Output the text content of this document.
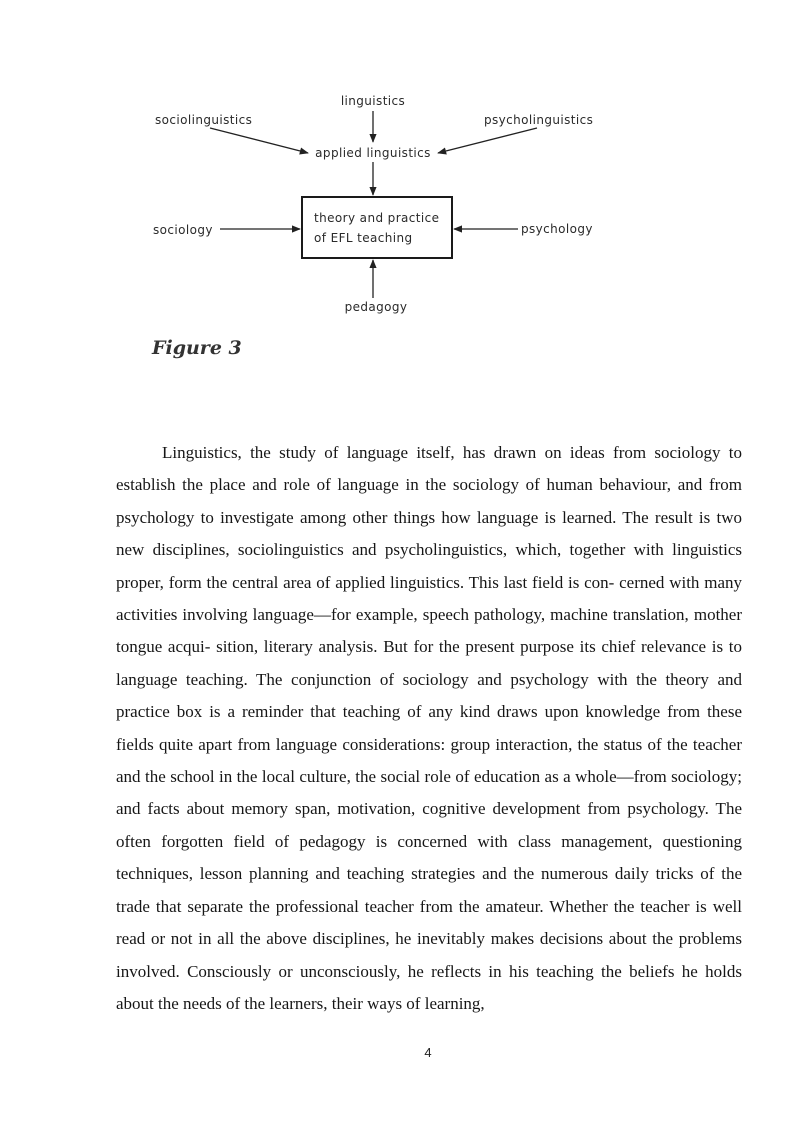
linguistics
sociolinguistics	psycholinguistics
applied linguistics
sociology	psychology
pedagogy
theory and practice
of EFL teaching
Figure 3

Linguistics, the study of language itself, has drawn on ideas from sociology to establish the place and role of language in the sociology of human behaviour, and from psychology to investigate among other things how language is learned. The result is two new disciplines, sociolinguistics and psycholinguistics, which, together with linguistics proper, form the central area of applied linguistics. This last field is con- cerned with many activities involving language—for example, speech pathology, machine translation, mother tongue acqui- sition, literary analysis. But for the present purpose its chief relevance is to language teaching. The conjunction of sociology and psychology with the theory and practice box is a reminder that teaching of any kind draws upon knowledge from these fields quite apart from language considerations: group interaction, the status of the teacher and the school in the local culture, the social role of education as a whole—from sociology; and facts about memory span, motivation, cognitive development from psychology. The often forgotten field of pedagogy is concerned with class management, questioning techniques, lesson planning and teaching strategies and the numerous daily tricks of the trade that separate the professional teacher from the amateur. Whether the teacher is well read or not in all the above disciplines, he inevitably makes decisions about the problems involved. Consciously or unconsciously, he reflects in his teaching the beliefs he holds about the needs of the learners, their ways of learning,

4
